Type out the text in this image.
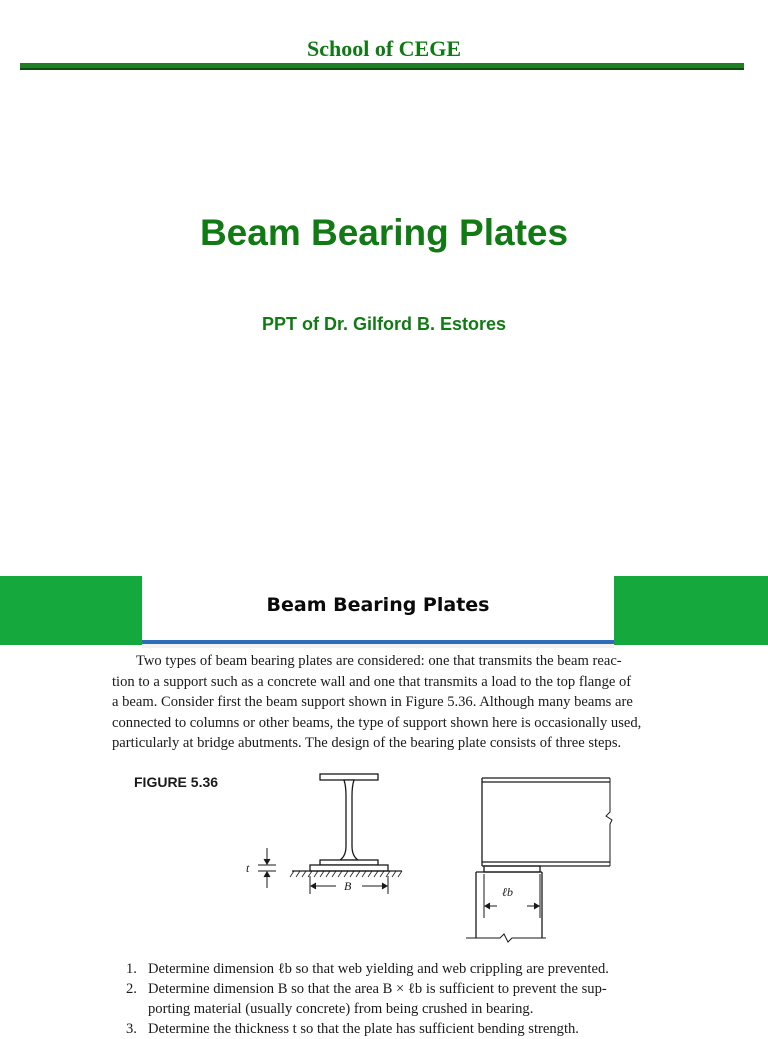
School of CEGE
Beam Bearing Plates
PPT of Dr. Gilford B. Estores
Beam Bearing Plates
Two types of beam bearing plates are considered: one that transmits the beam reac-
tion to a support such as a concrete wall and one that transmits a load to the top flange of
a beam. Consider first the beam support shown in Figure 5.36. Although many beams are
connected to columns or other beams, the type of support shown here is occasionally used,
particularly at bridge abutments. The design of the bearing plate consists of three steps.
FIGURE 5.36
t
B	ℓb
1. Determine dimension ℓb so that web yielding and web crippling are prevented.
2. Determine dimension B so that the area B × ℓb is sufficient to prevent the sup-
porting material (usually concrete) from being crushed in bearing.
3. Determine the thickness t so that the plate has sufficient bending strength.
